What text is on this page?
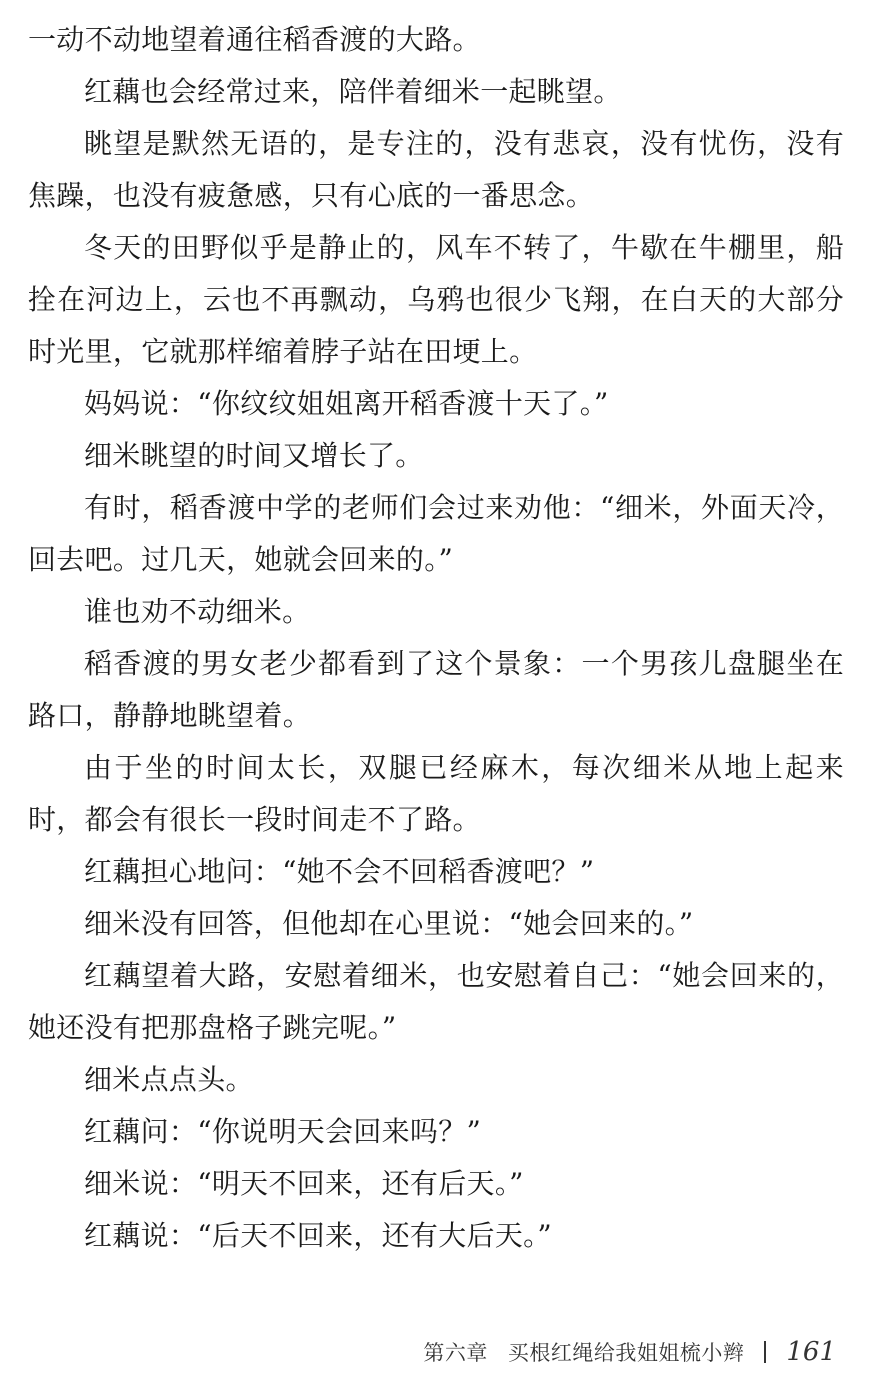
一动不动地望着通往稻香渡的大路。

红藕也会经常过来，陪伴着细米一起眺望。

眺望是默然无语的，是专注的，没有悲哀，没有忧伤，没有焦躁，也没有疲惫感，只有心底的一番思念。

冬天的田野似乎是静止的，风车不转了，牛歇在牛棚里，船拴在河边上，云也不再飘动，乌鸦也很少飞翔，在白天的大部分时光里，它就那样缩着脖子站在田埂上。

妈妈说：“你纹纹姐姐离开稻香渡十天了。”

细米眺望的时间又增长了。

有时，稻香渡中学的老师们会过来劝他：“细米，外面天冷，回去吧。过几天，她就会回来的。”

谁也劝不动细米。

稻香渡的男女老少都看到了这个景象：一个男孩儿盘腿坐在路口，静静地眺望着。

由于坐的时间太长，双腿已经麻木，每次细米从地上起来时，都会有很长一段时间走不了路。

红藕担心地问：“她不会不回稻香渡吧？”

细米没有回答，但他却在心里说：“她会回来的。”

红藕望着大路，安慰着细米，也安慰着自己：“她会回来的，她还没有把那盘格子跳完呢。”

细米点点头。

红藕问：“你说明天会回来吗？”

细米说：“明天不回来，还有后天。”

红藕说：“后天不回来，还有大后天。”

第六章 买根红绳给我姐姐梳小辫 161
